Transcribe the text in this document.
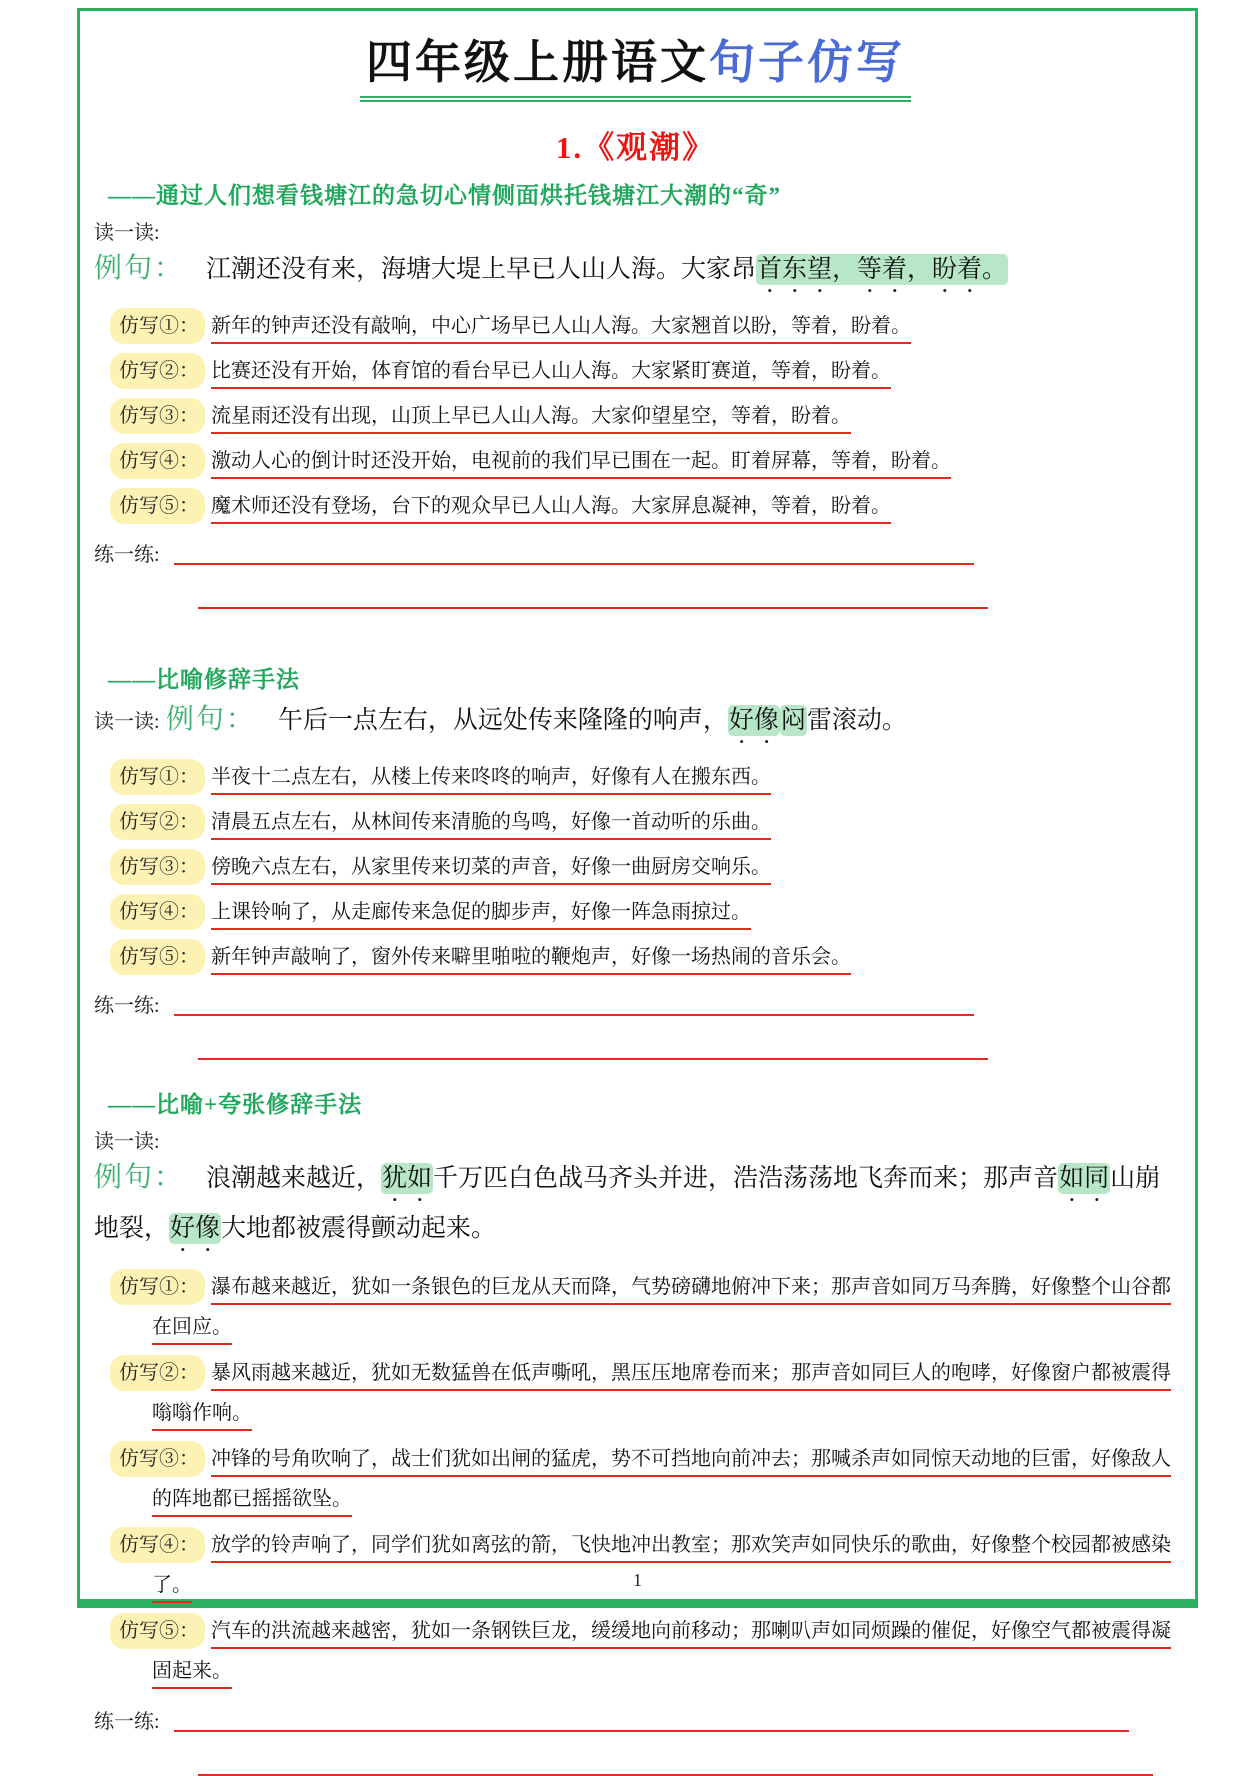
四年级上册语文句子仿写
1.《观潮》
——通过人们想看钱塘江的急切心情侧面烘托钱塘江大潮的“奇”
读一读:
例句： 江潮还没有来，海塘大堤上早已人山人海。大家昂首东望，等着，盼着。
仿写①： 新年的钟声还没有敲响，中心广场早已人山人海。大家翘首以盼，等着，盼着。
仿写②： 比赛还没有开始，体育馆的看台早已人山人海。大家紧盯赛道，等着，盼着。
仿写③： 流星雨还没有出现，山顶上早已人山人海。大家仰望星空，等着，盼着。
仿写④： 激动人心的倒计时还没开始，电视前的我们早已围在一起。盯着屏幕，等着，盼着。
仿写⑤： 魔术师还没有登场，台下的观众早已人山人海。大家屏息凝神，等着，盼着。
练一练:
——比喻修辞手法
读一读: 例句： 午后一点左右，从远处传来隆隆的响声，好像闷雷滚动。
仿写①： 半夜十二点左右，从楼上传来咚咚的响声，好像有人在搬东西。
仿写②： 清晨五点左右，从林间传来清脆的鸟鸣，好像一首动听的乐曲。
仿写③： 傍晚六点左右，从家里传来切菜的声音，好像一曲厨房交响乐。
仿写④： 上课铃响了，从走廊传来急促的脚步声，好像一阵急雨掠过。
仿写⑤： 新年钟声敲响了，窗外传来噼里啪啦的鞭炮声，好像一场热闹的音乐会。
练一练:
——比喻+夸张修辞手法
读一读:
例句： 浪潮越来越近，犹如千万匹白色战马齐头并进，浩浩荡荡地飞奔而来；那声音如同山崩地裂，好像大地都被震得颤动起来。
仿写①： 瀑布越来越近，犹如一条银色的巨龙从天而降，气势磅礴地俯冲下来；那声音如同万马奔腾，好像整个山谷都在回应。
仿写②： 暴风雨越来越近，犹如无数猛兽在低声嘶吼，黑压压地席卷而来；那声音如同巨人的咆哮，好像窗户都被震得嗡嗡作响。
仿写③： 冲锋的号角吹响了，战士们犹如出闸的猛虎，势不可挡地向前冲去；那喊杀声如同惊天动地的巨雷，好像敌人的阵地都已摇摇欲坠。
仿写④： 放学的铃声响了，同学们犹如离弦的箭，飞快地冲出教室；那欢笑声如同快乐的歌曲，好像整个校园都被感染了。
仿写⑤： 汽车的洪流越来越密，犹如一条钢铁巨龙，缓缓地向前移动；那喇叭声如同烦躁的催促，好像空气都被震得凝固起来。
练一练:
1
